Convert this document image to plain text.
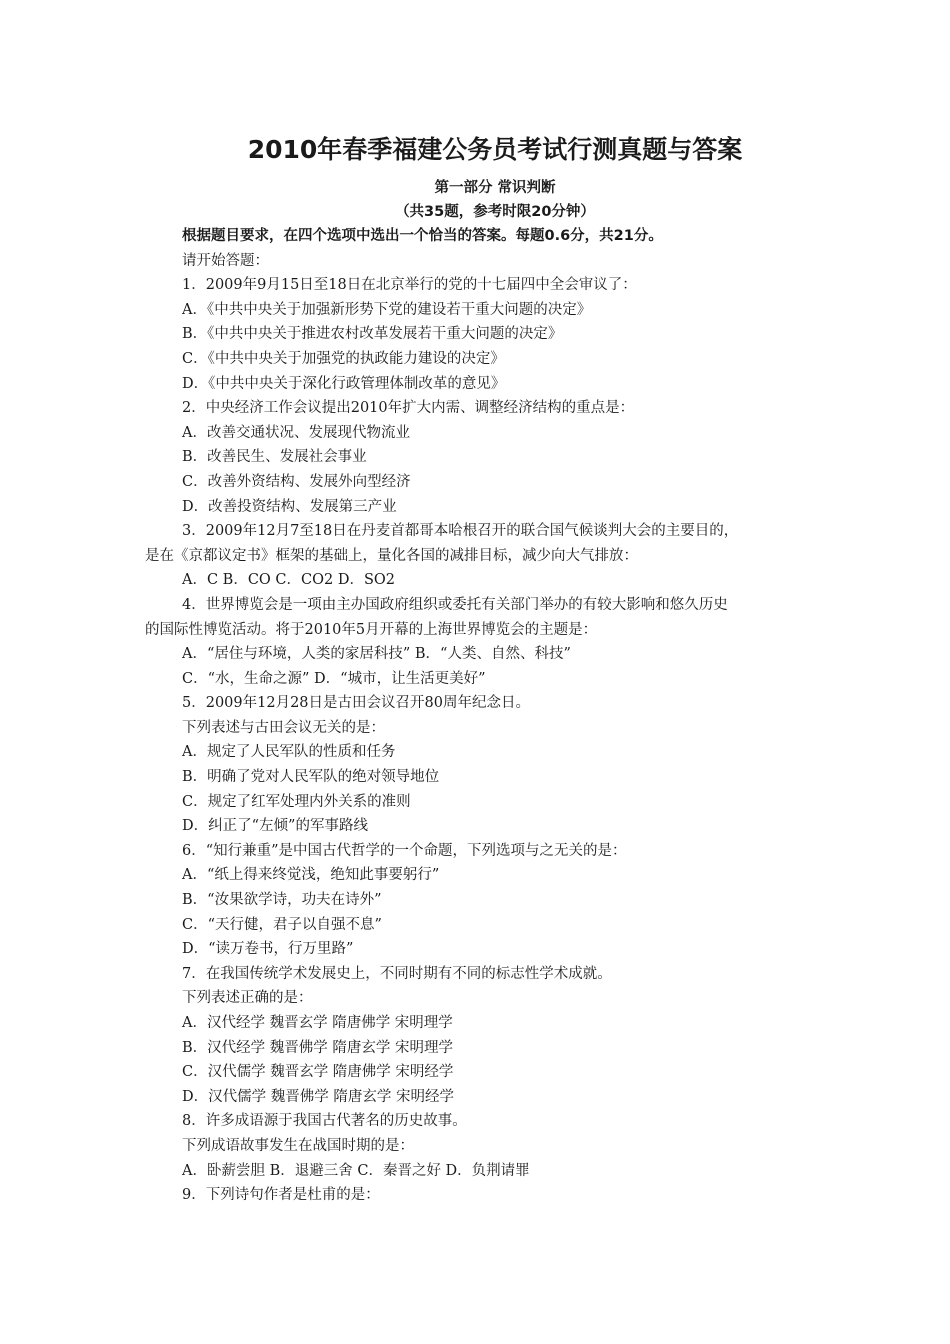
2010年春季福建公务员考试行测真题与答案
第一部分 常识判断
（共35题，参考时限20分钟）
根据题目要求，在四个选项中选出一个恰当的答案。每题0.6分，共21分。
请开始答题：
1．2009年9月15日至18日在北京举行的党的十七届四中全会审议了：
A．《中共中央关于加强新形势下党的建设若干重大问题的决定》
B．《中共中央关于推进农村改革发展若干重大问题的决定》
C．《中共中央关于加强党的执政能力建设的决定》
D．《中共中央关于深化行政管理体制改革的意见》
2．中央经济工作会议提出2010年扩大内需、调整经济结构的重点是：
A．改善交通状况、发展现代物流业
B．改善民生、发展社会事业
C．改善外资结构、发展外向型经济
D．改善投资结构、发展第三产业
3．2009年12月7至18日在丹麦首都哥本哈根召开的联合国气候谈判大会的主要目的，
是在《京都议定书》框架的基础上，量化各国的减排目标，减少向大气排放：
A．C B．CO C．CO2 D．SO2
4．世界博览会是一项由主办国政府组织或委托有关部门举办的有较大影响和悠久历史
的国际性博览活动。将于2010年5月开幕的上海世界博览会的主题是：
A．“居住与环境，人类的家居科技” B．“人类、自然、科技”
C．“水，生命之源” D．“城市，让生活更美好”
5．2009年12月28日是古田会议召开80周年纪念日。
下列表述与古田会议无关的是：
A．规定了人民军队的性质和任务
B．明确了党对人民军队的绝对领导地位
C．规定了红军处理内外关系的准则
D．纠正了“左倾”的军事路线
6．“知行兼重”是中国古代哲学的一个命题，下列选项与之无关的是：
A．“纸上得来终觉浅，绝知此事要躬行”
B．“汝果欲学诗，功夫在诗外”
C．“天行健，君子以自强不息”
D．“读万卷书，行万里路”
7．在我国传统学术发展史上，不同时期有不同的标志性学术成就。
下列表述正确的是：
A．汉代经学 魏晋玄学 隋唐佛学 宋明理学
B．汉代经学 魏晋佛学 隋唐玄学 宋明理学
C．汉代儒学 魏晋玄学 隋唐佛学 宋明经学
D．汉代儒学 魏晋佛学 隋唐玄学 宋明经学
8．许多成语源于我国古代著名的历史故事。
下列成语故事发生在战国时期的是：
A．卧薪尝胆 B．退避三舍 C．秦晋之好 D．负荆请罪
9．下列诗句作者是杜甫的是：
